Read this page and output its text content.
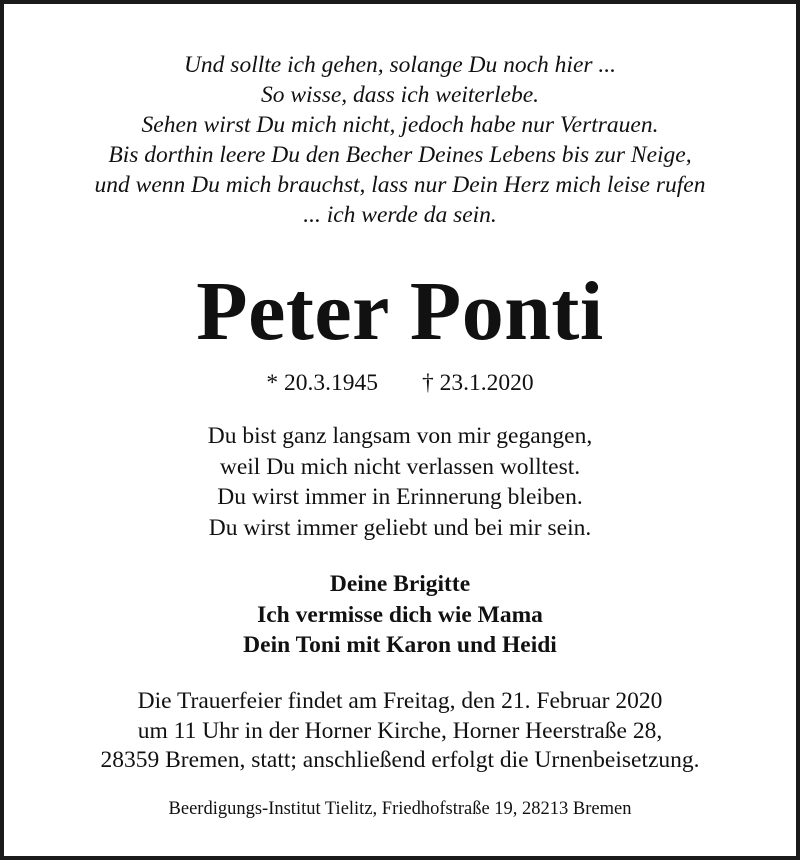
Und sollte ich gehen, solange Du noch hier ...
So wisse, dass ich weiterlebe.
Sehen wirst Du mich nicht, jedoch habe nur Vertrauen.
Bis dorthin leere Du den Becher Deines Lebens bis zur Neige,
und wenn Du mich brauchst, lass nur Dein Herz mich leise rufen
... ich werde da sein.
Peter Ponti
* 20.3.1945 † 23.1.2020
Du bist ganz langsam von mir gegangen,
weil Du mich nicht verlassen wolltest.
Du wirst immer in Erinnerung bleiben.
Du wirst immer geliebt und bei mir sein.
Deine Brigitte
Ich vermisse dich wie Mama
Dein Toni mit Karon und Heidi
Die Trauerfeier findet am Freitag, den 21. Februar 2020
um 11 Uhr in der Horner Kirche, Horner Heerstraße 28,
28359 Bremen, statt; anschließend erfolgt die Urnenbeisetzung.
Beerdigungs-Institut Tielitz, Friedhofstraße 19, 28213 Bremen
